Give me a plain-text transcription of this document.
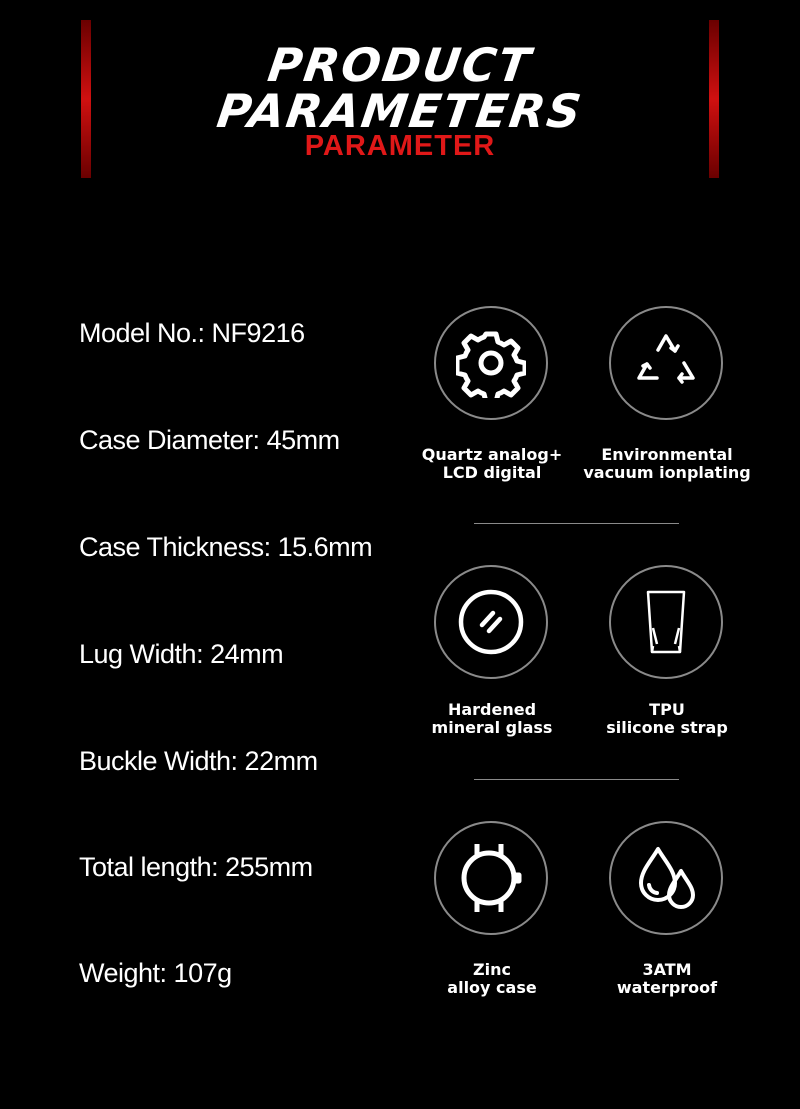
PRODUCT
PARAMETERS
PARAMETER
Model No.: NF9216
Case Diameter: 45mm
Case Thickness: 15.6mm
Lug Width: 24mm
Buckle Width: 22mm
Total length: 255mm
Weight: 107g
Quartz analog+
LCD digital
Environmental
vacuum ionplating
Hardened
mineral glass
TPU
silicone strap
Zinc
alloy case
3ATM
waterproof
